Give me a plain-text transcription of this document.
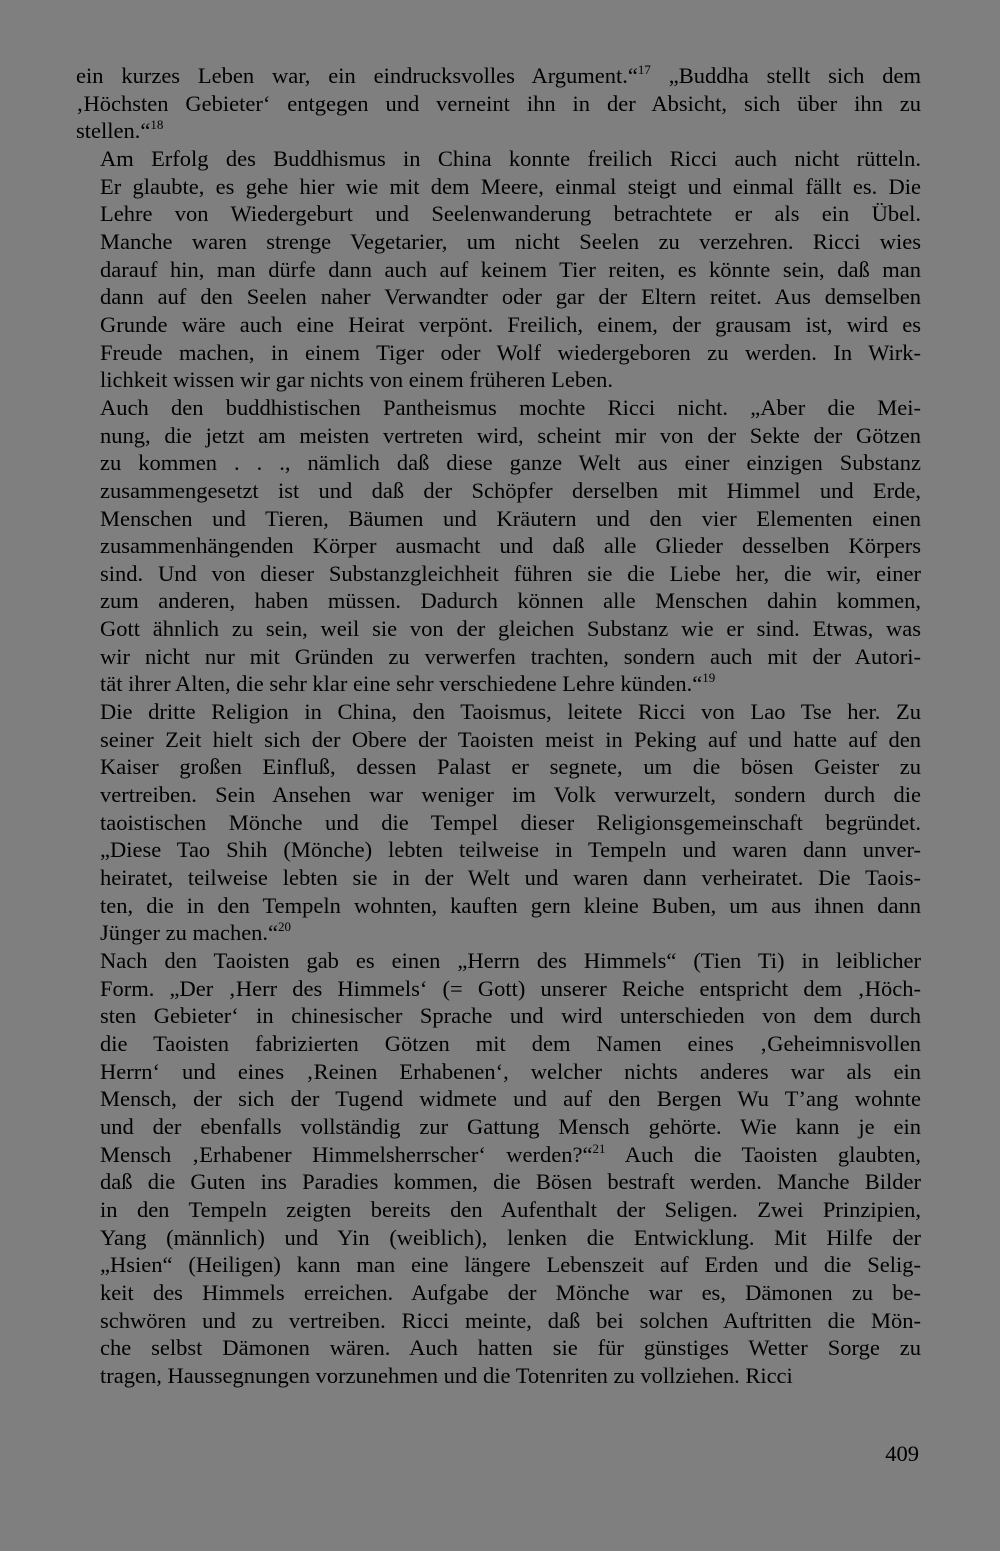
ein kurzes Leben war, ein eindrucksvolles Argument.“$^{17}$ „Buddha stellt sich dem
‚Höchsten Gebieter‘ entgegen und verneint ihn in der Absicht, sich über ihn zu
stellen.“$^{18}$

Am Erfolg des Buddhismus in China konnte freilich Ricci auch nicht rütteln.
Er glaubte, es gehe hier wie mit dem Meere, einmal steigt und einmal fällt es. Die
Lehre von Wiedergeburt und Seelenwanderung betrachtete er als ein Übel.
Manche waren strenge Vegetarier, um nicht Seelen zu verzehren. Ricci wies
darauf hin, man dürfe dann auch auf keinem Tier reiten, es könnte sein, daß man
dann auf den Seelen naher Verwandter oder gar der Eltern reitet. Aus demselben
Grunde wäre auch eine Heirat verpönt. Freilich, einem, der grausam ist, wird es
Freude machen, in einem Tiger oder Wolf wiedergeboren zu werden. In Wirk-
lichkeit wissen wir gar nichts von einem früheren Leben.

Auch den buddhistischen Pantheismus mochte Ricci nicht. „Aber die Mei-
nung, die jetzt am meisten vertreten wird, scheint mir von der Sekte der Götzen
zu kommen . . ., nämlich daß diese ganze Welt aus einer einzigen Substanz
zusammengesetzt ist und daß der Schöpfer derselben mit Himmel und Erde,
Menschen und Tieren, Bäumen und Kräutern und den vier Elementen einen
zusammenhängenden Körper ausmacht und daß alle Glieder desselben Körpers
sind. Und von dieser Substanzgleichheit führen sie die Liebe her, die wir, einer
zum anderen, haben müssen. Dadurch können alle Menschen dahin kommen,
Gott ähnlich zu sein, weil sie von der gleichen Substanz wie er sind. Etwas, was
wir nicht nur mit Gründen zu verwerfen trachten, sondern auch mit der Autori-
tät ihrer Alten, die sehr klar eine sehr verschiedene Lehre künden.“$^{19}$

Die dritte Religion in China, den Taoismus, leitete Ricci von Lao Tse her. Zu
seiner Zeit hielt sich der Obere der Taoisten meist in Peking auf und hatte auf den
Kaiser großen Einfluß, dessen Palast er segnete, um die bösen Geister zu
vertreiben. Sein Ansehen war weniger im Volk verwurzelt, sondern durch die
taoistischen Mönche und die Tempel dieser Religionsgemeinschaft begründet.
„Diese Tao Shih (Mönche) lebten teilweise in Tempeln und waren dann unver-
heiratet, teilweise lebten sie in der Welt und waren dann verheiratet. Die Taois-
ten, die in den Tempeln wohnten, kauften gern kleine Buben, um aus ihnen dann
Jünger zu machen.“$^{20}$

Nach den Taoisten gab es einen „Herrn des Himmels“ (Tien Ti) in leiblicher
Form. „Der ‚Herr des Himmels‘ (= Gott) unserer Reiche entspricht dem ‚Höch-
sten Gebieter‘ in chinesischer Sprache und wird unterschieden von dem durch
die Taoisten fabrizierten Götzen mit dem Namen eines ‚Geheimnisvollen
Herrn‘ und eines ‚Reinen Erhabenen‘, welcher nichts anderes war als ein
Mensch, der sich der Tugend widmete und auf den Bergen Wu T’ang wohnte
und der ebenfalls vollständig zur Gattung Mensch gehörte. Wie kann je ein
Mensch ‚Erhabener Himmelsherrscher‘ werden?“$^{21}$ Auch die Taoisten glaubten,
daß die Guten ins Paradies kommen, die Bösen bestraft werden. Manche Bilder
in den Tempeln zeigten bereits den Aufenthalt der Seligen. Zwei Prinzipien,
Yang (männlich) und Yin (weiblich), lenken die Entwicklung. Mit Hilfe der
„Hsien“ (Heiligen) kann man eine längere Lebenszeit auf Erden und die Selig-
keit des Himmels erreichen. Aufgabe der Mönche war es, Dämonen zu be-
schwören und zu vertreiben. Ricci meinte, daß bei solchen Auftritten die Mön-
che selbst Dämonen wären. Auch hatten sie für günstiges Wetter Sorge zu
tragen, Haussegnungen vorzunehmen und die Totenriten zu vollziehen. Ricci

409
